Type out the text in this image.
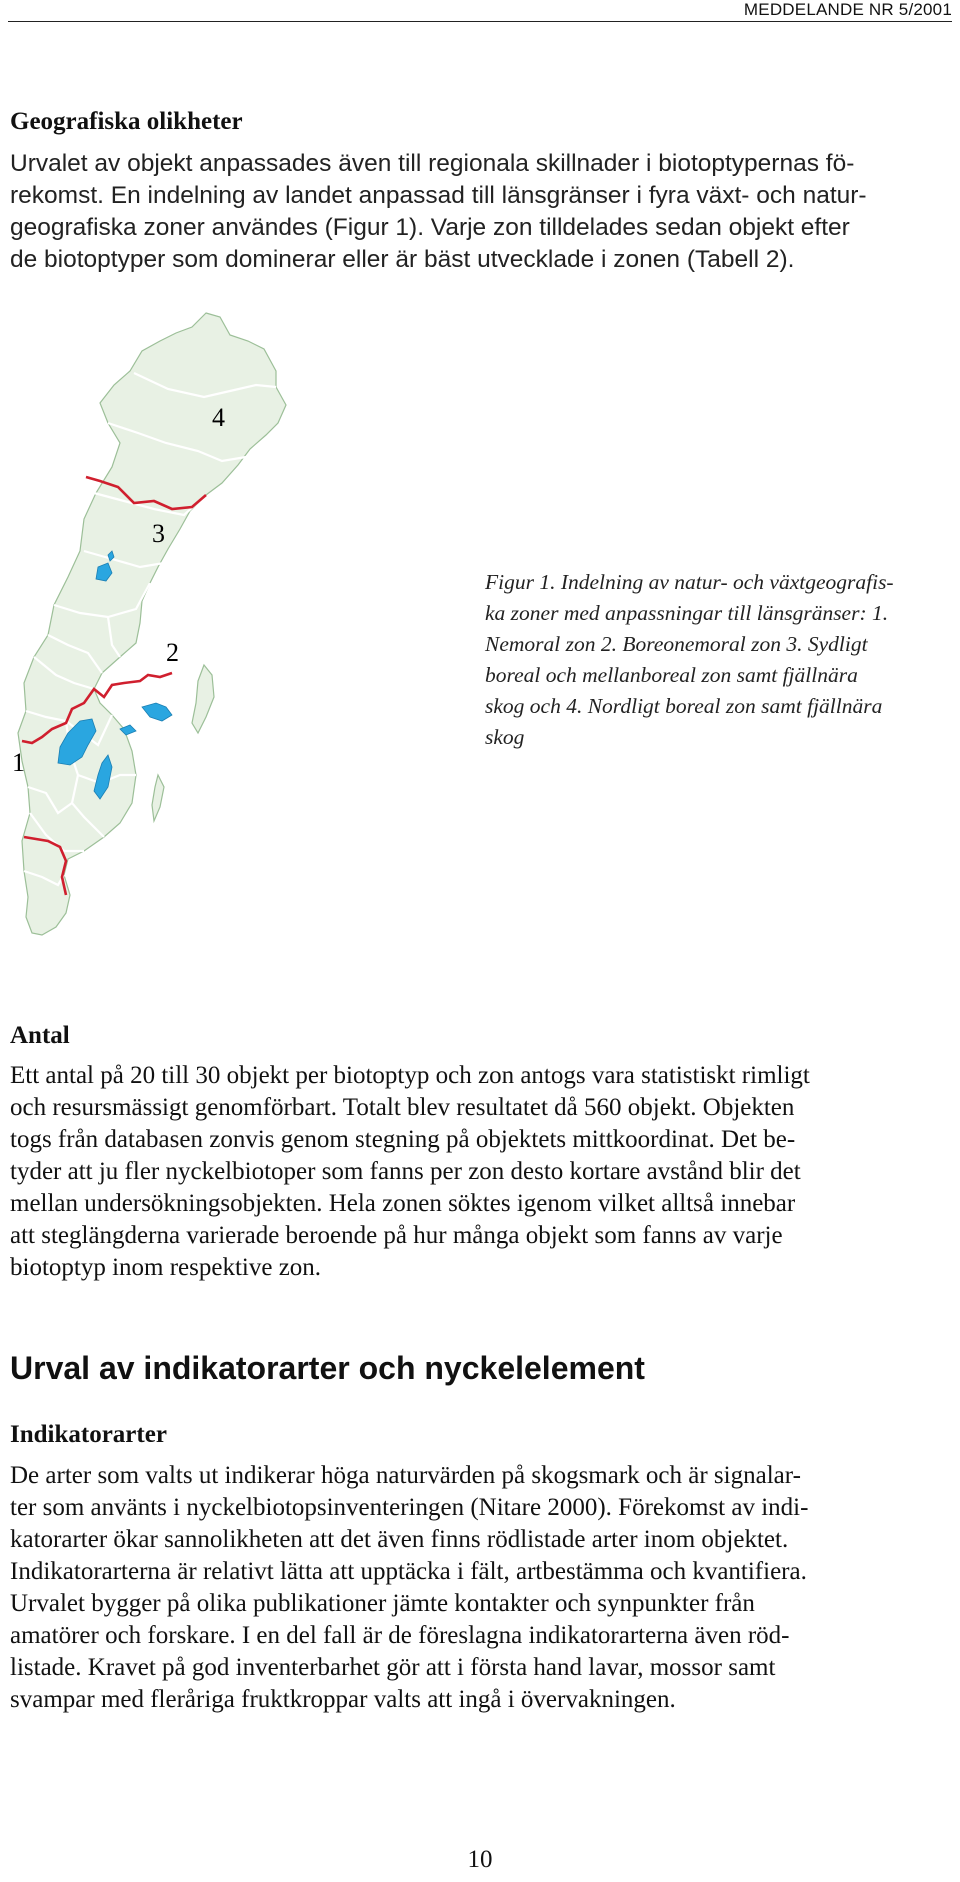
MEDDELANDE NR 5/2001
Geografiska olikheter
Urvalet av objekt anpassades även till regionala skillnader i biotoptypernas fö-
rekomst. En indelning av landet anpassad till länsgränser i fyra växt- och natur-
geografiska zoner användes (Figur 1). Varje zon tilldelades sedan objekt efter
de biotoptyper som dominerar eller är bäst utvecklade i zonen (Tabell 2).
4
3
2
1
Figur 1. Indelning av natur- och växtgeografis-
ka zoner med anpassningar till länsgränser: 1.
Nemoral zon 2. Boreonemoral zon 3. Sydligt
boreal och mellanboreal zon samt fjällnära
skog och 4. Nordligt boreal zon samt fjällnära
skog
Antal
Ett antal på 20 till 30 objekt per biotoptyp och zon antogs vara statistiskt rimligt
och resursmässigt genomförbart. Totalt blev resultatet då 560 objekt. Objekten
togs från databasen zonvis genom stegning på objektets mittkoordinat. Det be-
tyder att ju fler nyckelbiotoper som fanns per zon desto kortare avstånd blir det
mellan undersökningsobjekten. Hela zonen söktes igenom vilket alltså innebar
att steglängderna varierade beroende på hur många objekt som fanns av varje
biotoptyp inom respektive zon.
Urval av indikatorarter och nyckelelement
Indikatorarter
De arter som valts ut indikerar höga naturvärden på skogsmark och är signalar-
ter som använts i nyckelbiotopsinventeringen (Nitare 2000). Förekomst av indi-
katorarter ökar sannolikheten att det även finns rödlistade arter inom objektet.
Indikatorarterna är relativt lätta att upptäcka i fält, artbestämma och kvantifiera.
Urvalet bygger på olika publikationer jämte kontakter och synpunkter från
amatörer och forskare. I en del fall är de föreslagna indikatorarterna även röd-
listade. Kravet på god inventerbarhet gör att i första hand lavar, mossor samt
svampar med fleråriga fruktkroppar valts att ingå i övervakningen.
10
